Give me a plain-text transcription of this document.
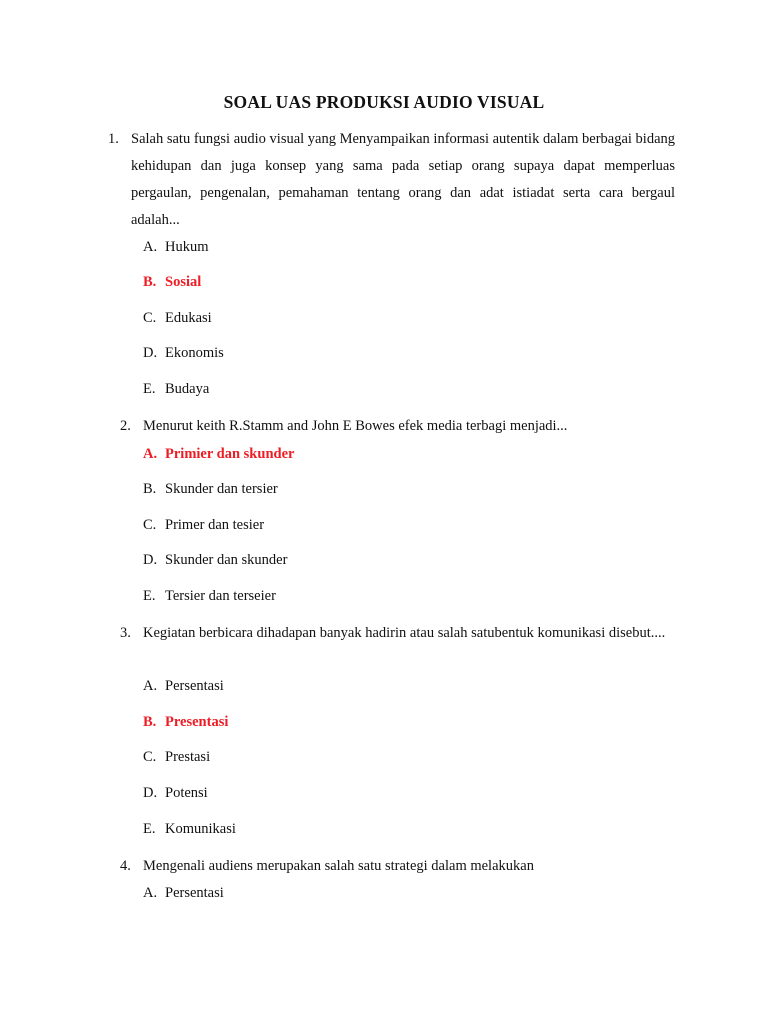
SOAL UAS PRODUKSI AUDIO VISUAL
1. Salah satu fungsi audio visual yang Menyampaikan informasi autentik dalam berbagai bidang kehidupan dan juga konsep yang sama pada setiap orang supaya dapat memperluas pergaulan, pengenalan, pemahaman tentang orang dan adat istiadat serta cara bergaul adalah...
A. Hukum
B. Sosial
C. Edukasi
D. Ekonomis
E. Budaya
2. Menurut keith R.Stamm and John E Bowes efek media terbagi menjadi...
A. Primier dan skunder
B. Skunder dan tersier
C. Primer dan tesier
D. Skunder dan skunder
E. Tersier dan terseier
3. Kegiatan berbicara dihadapan banyak hadirin atau salah satubentuk komunikasi disebut....
A. Persentasi
B. Presentasi
C. Prestasi
D. Potensi
E. Komunikasi
4. Mengenali audiens merupakan salah satu strategi dalam melakukan
A. Persentasi
